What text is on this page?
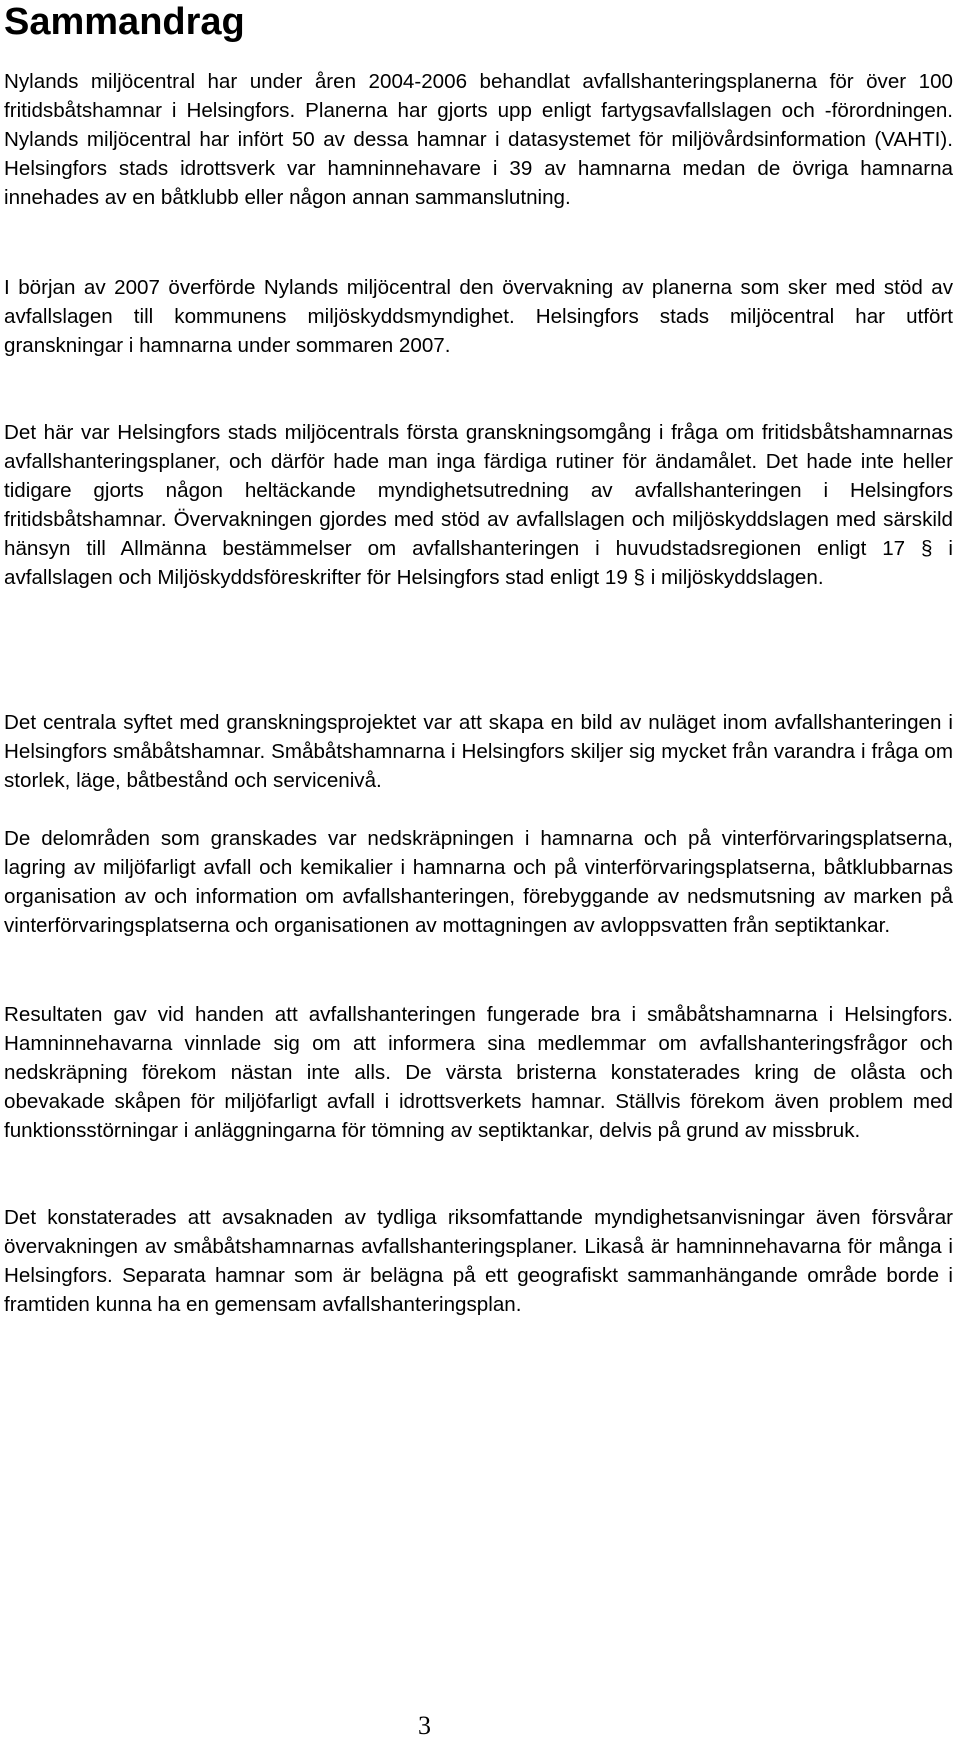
Sammandrag

Nylands miljöcentral har under åren 2004-2006 behandlat avfallshanteringsplanerna för över 100 fritidsbåtshamnar i Helsingfors. Planerna har gjorts upp enligt fartygsavfallslagen och -förordningen. Nylands miljöcentral har infört 50 av dessa hamnar i datasystemet för miljövårdsinformation (VAHTI). Helsingfors stads idrottsverk var hamninnehavare i 39 av hamnarna medan de övriga hamnarna innehades av en båtklubb eller någon annan sammanslutning.

I början av 2007 överförde Nylands miljöcentral den övervakning av planerna som sker med stöd av avfallslagen till kommunens miljöskyddsmyndighet. Helsingfors stads miljöcentral har utfört granskningar i hamnarna under sommaren 2007.

Det här var Helsingfors stads miljöcentrals första granskningsomgång i fråga om fritidsbåtshamnarnas avfallshanteringsplaner, och därför hade man inga färdiga rutiner för ändamålet. Det hade inte heller tidigare gjorts någon heltäckande myndighetsutredning av avfallshanteringen i Helsingfors fritidsbåtshamnar. Övervakningen gjordes med stöd av avfallslagen och miljöskyddslagen med särskild hänsyn till Allmänna bestämmelser om avfallshanteringen i huvudstadsregionen enligt 17 § i avfallslagen och Miljöskyddsföreskrifter för Helsingfors stad enligt 19 § i miljöskyddslagen.

Det centrala syftet med granskningsprojektet var att skapa en bild av nuläget inom avfallshanteringen i Helsingfors småbåtshamnar. Småbåtshamnarna i Helsingfors skiljer sig mycket från varandra i fråga om storlek, läge, båtbestånd och servicenivå.

De delområden som granskades var nedskräpningen i hamnarna och på vinterförvaringsplatserna, lagring av miljöfarligt avfall och kemikalier i hamnarna och på vinterförvaringsplatserna, båtklubbarnas organisation av och information om avfallshanteringen, förebyggande av nedsmutsning av marken på vinterförvaringsplatserna och organisationen av mottagningen av avloppsvatten från septiktankar.

Resultaten gav vid handen att avfallshanteringen fungerade bra i småbåtshamnarna i Helsingfors. Hamninnehavarna vinnlade sig om att informera sina medlemmar om avfallshanteringsfrågor och nedskräpning förekom nästan inte alls. De värsta bristerna konstaterades kring de olåsta och obevakade skåpen för miljöfarligt avfall i idrottsverkets hamnar. Ställvis förekom även problem med funktionsstörningar i anläggningarna för tömning av septiktankar, delvis på grund av missbruk.

Det konstaterades att avsaknaden av tydliga riksomfattande myndighetsanvisningar även försvårar övervakningen av småbåtshamnarnas avfallshanteringsplaner. Likaså är hamninnehavarna för många i Helsingfors. Separata hamnar som är belägna på ett geografiskt sammanhängande område borde i framtiden kunna ha en gemensam avfallshanteringsplan.

3
